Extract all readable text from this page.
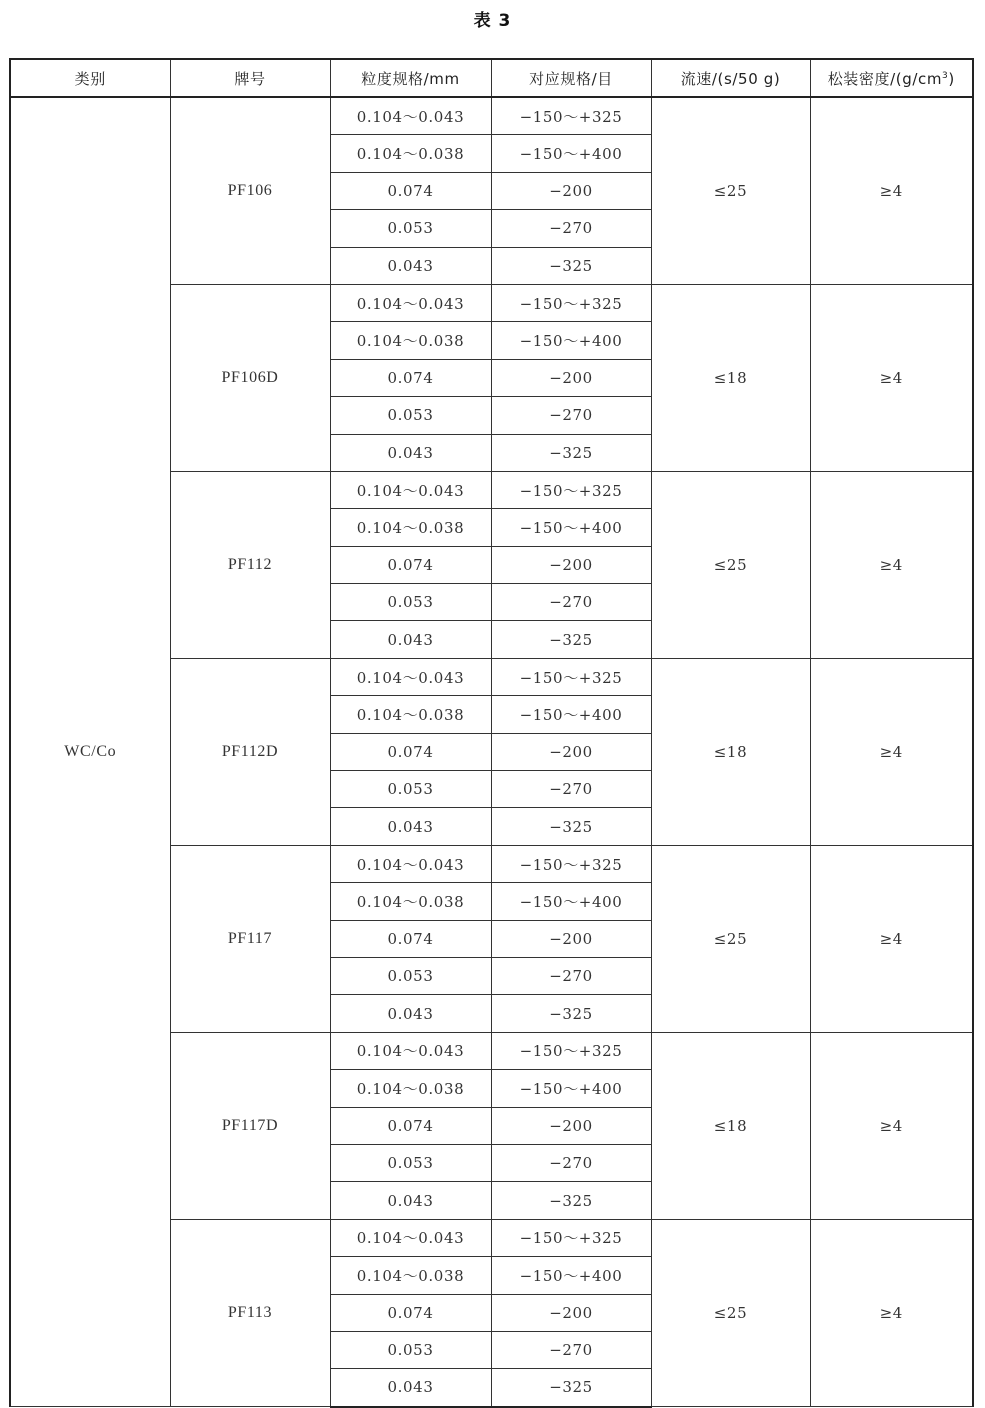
表 3
类别	牌号	粒度规格/mm	对应规格/目	流速/(s/50 g)	松装密度$/(g/cm^3)$
WC/Co	PF106	0.104～0.043	−150～+325	≤25	≥4
		0.104～0.038	−150～+400		
		0.074	−200		
		0.053	−270		
		0.043	−325		
	PF106D	0.104～0.043	−150～+325	≤18	≥4
		0.104～0.038	−150～+400		
		0.074	−200		
		0.053	−270		
		0.043	−325		
	PF112	0.104～0.043	−150～+325	≤25	≥4
		0.104～0.038	−150～+400		
		0.074	−200		
		0.053	−270		
		0.043	−325		
	PF112D	0.104～0.043	−150～+325	≤18	≥4
		0.104～0.038	−150～+400		
		0.074	−200		
		0.053	−270		
		0.043	−325		
	PF117	0.104～0.043	−150～+325	≤25	≥4
		0.104～0.038	−150～+400		
		0.074	−200		
		0.053	−270		
		0.043	−325		
	PF117D	0.104～0.043	−150～+325	≤18	≥4
		0.104～0.038	−150～+400		
		0.074	−200		
		0.053	−270		
		0.043	−325		
	PF113	0.104～0.043	−150～+325	≤25	≥4
		0.104～0.038	−150～+400		
		0.074	−200		
		0.053	−270		
		0.043	−325		
